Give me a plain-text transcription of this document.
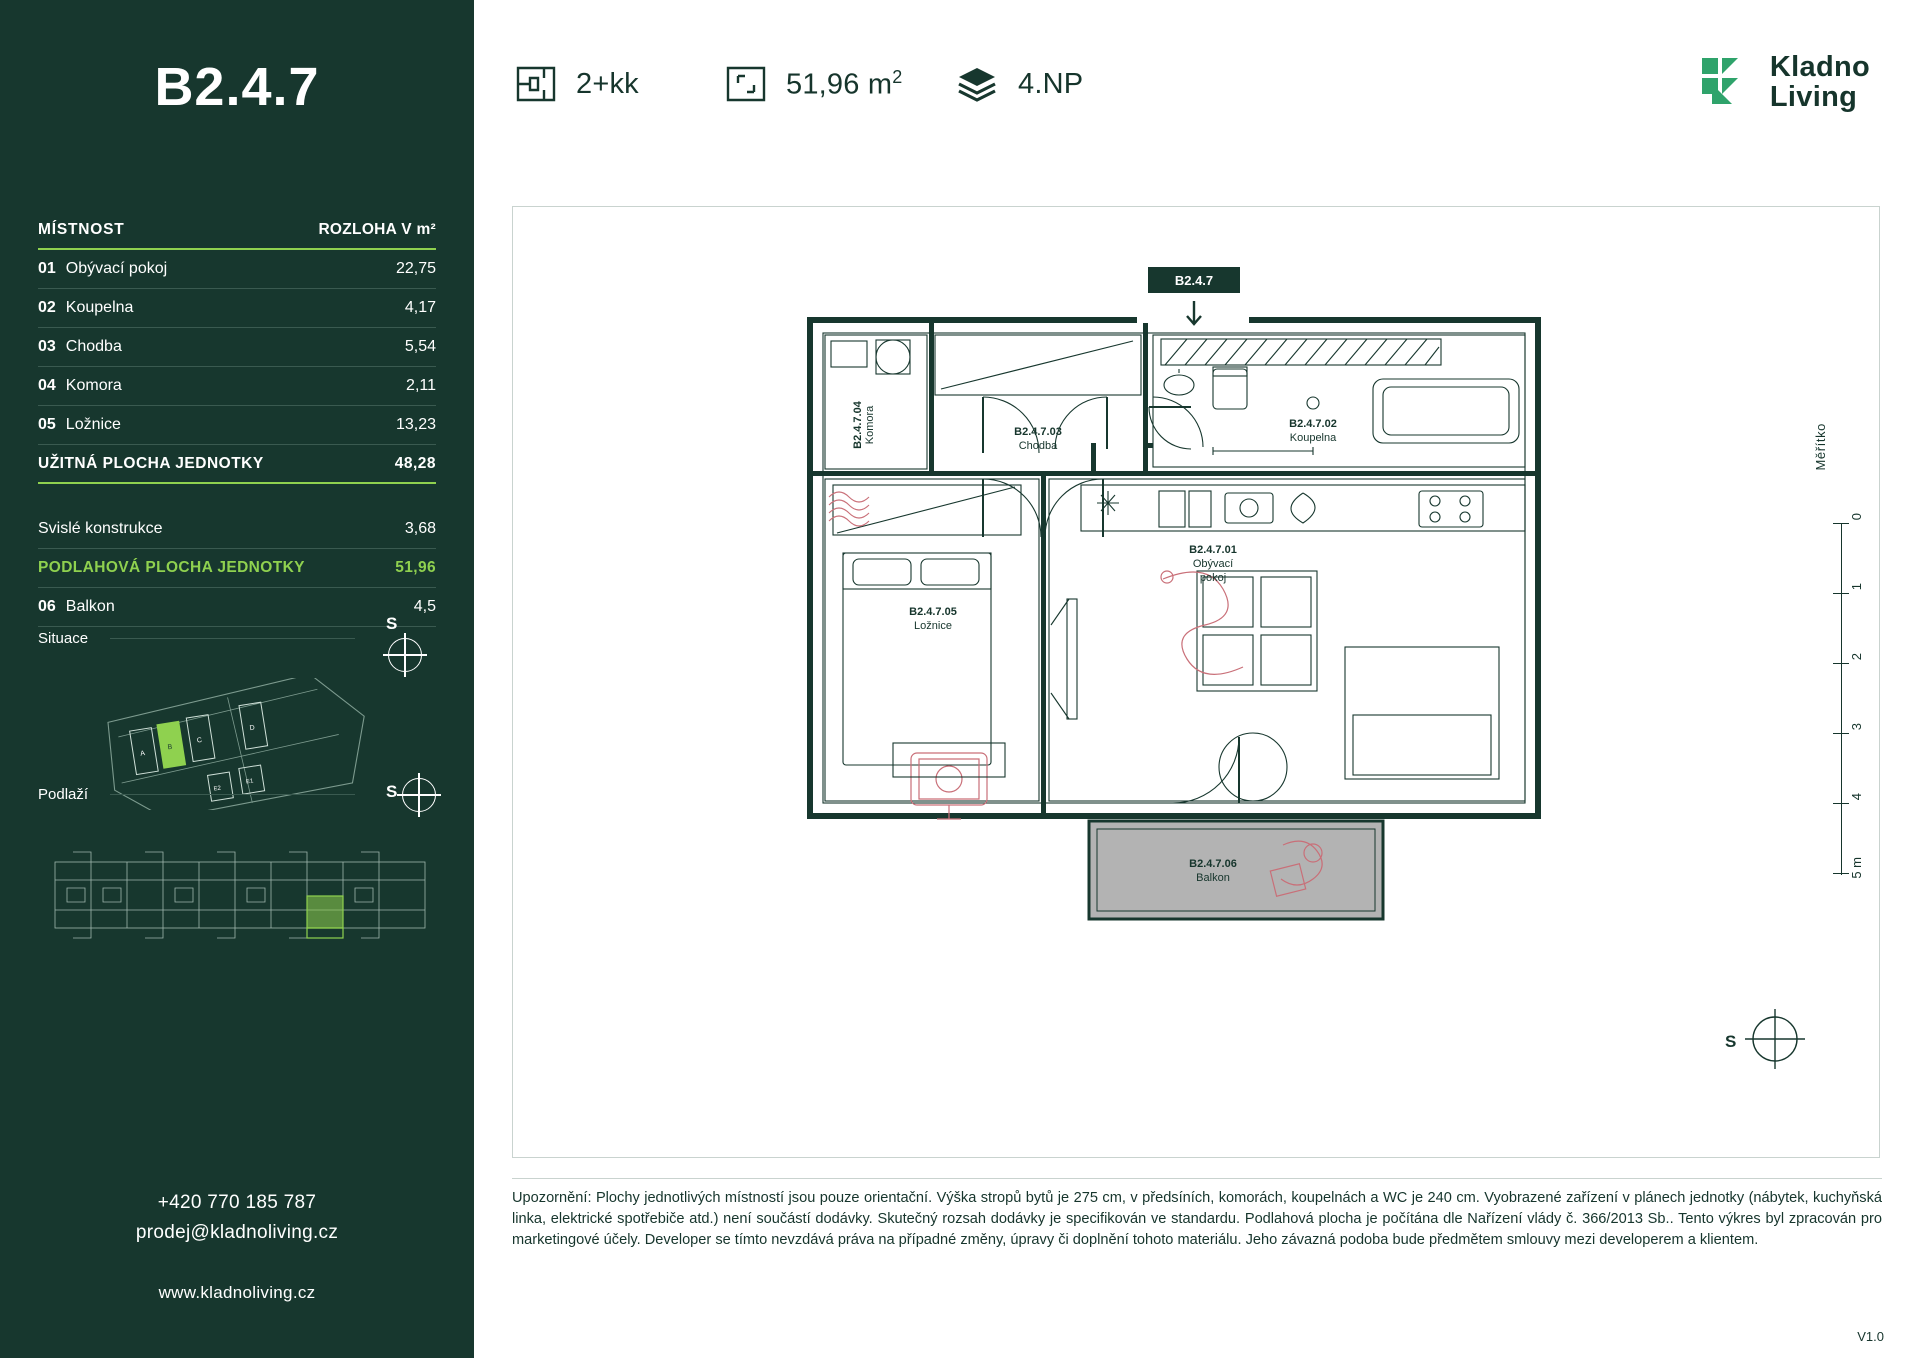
B2.4.7
MÍSTNOST	ROZLOHA V m²
01 Obývací pokoj	22,75
02 Koupelna	4,17
03 Chodba	5,54
04 Komora	2,11
05 Ložnice	13,23
UŽITNÁ PLOCHA JEDNOTKY	48,28
Svislé konstrukce	3,68
PODLAHOVÁ PLOCHA JEDNOTKY	51,96
06 Balkon	4,5
Situace
S
A
B
C
D
E2
E1
Podlaží	S
+420 770 185 787
prodej@kladnoliving.cz
www.kladnoliving.cz
2+kk	51,96 $m^2$	4.NP
Kladno
Living
B2.4.7
B2.4.7.04 Komora	B2.4.7.03
Chodba
B2.4.7.02
Koupelna
B2.4.7.05
Ložnice
B2.4.7.01
Obývací
pokoj
B2.4.7.06
Balkon
S
Měřítko
0
1
2
3
4
5 m
Upozornění: Plochy jednotlivých místností jsou pouze orientační. Výška stropů bytů je 275 cm, v předsíních, komorách, koupelnách a WC je 240 cm. Vyobrazené zařízení v plánech jednotky (nábytek, kuchyňská linka, elektrické spotřebiče atd.) není součástí dodávky. Skutečný rozsah dodávky je specifikován ve standardu. Podlahová plocha je počítána dle Nařízení vlády č. 366/2013 Sb.. Tento výkres byl zpracován pro marketingové účely. Developer se tímto nevzdává práva na případné změny, úpravy či doplnění tohoto materiálu. Jeho závazná podoba bude předmětem smlouvy mezi developerem a klientem.
V1.0
